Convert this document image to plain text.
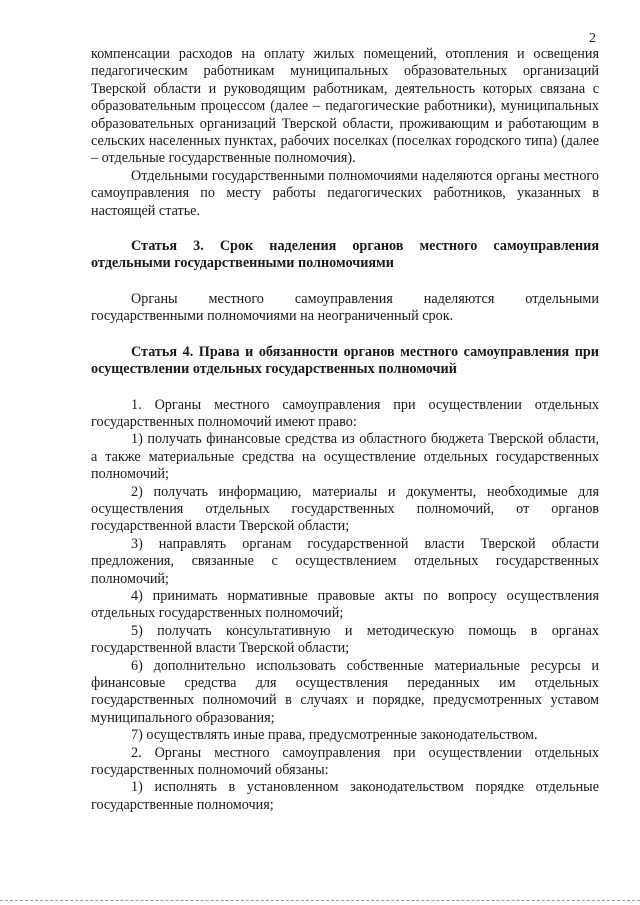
2

компенсации расходов на оплату жилых помещений, отопления и освещения педагогическим работникам муниципальных образовательных организаций Тверской области и руководящим работникам, деятельность которых связана с образовательным процессом (далее – педагогические работники), муниципальных образовательных организаций Тверской области, проживающим и работающим в сельских населенных пунктах, рабочих поселках (поселках городского типа) (далее – отдельные государственные полномочия).

Отдельными государственными полномочиями наделяются органы местного самоуправления по месту работы педагогических работников, указанных в настоящей статье.

Статья 3. Срок наделения органов местного самоуправления отдельными государственными полномочиями

Органы местного самоуправления наделяются отдельными государственными полномочиями на неограниченный срок.

Статья 4. Права и обязанности органов местного самоуправления при осуществлении отдельных государственных полномочий

1. Органы местного самоуправления при осуществлении отдельных государственных полномочий имеют право:

1) получать финансовые средства из областного бюджета Тверской области, а также материальные средства на осуществление отдельных государственных полномочий;

2) получать информацию, материалы и документы, необходимые для осуществления отдельных государственных полномочий, от органов государственной власти Тверской области;

3) направлять органам государственной власти Тверской области предложения, связанные с осуществлением отдельных государственных полномочий;

4) принимать нормативные правовые акты по вопросу осуществления отдельных государственных полномочий;

5) получать консультативную и методическую помощь в органах государственной власти Тверской области;

6) дополнительно использовать собственные материальные ресурсы и финансовые средства для осуществления переданных им отдельных государственных полномочий в случаях и порядке, предусмотренных уставом муниципального образования;

7) осуществлять иные права, предусмотренные законодательством.

2. Органы местного самоуправления при осуществлении отдельных государственных полномочий обязаны:

1) исполнять в установленном законодательством порядке отдельные государственные полномочия;
